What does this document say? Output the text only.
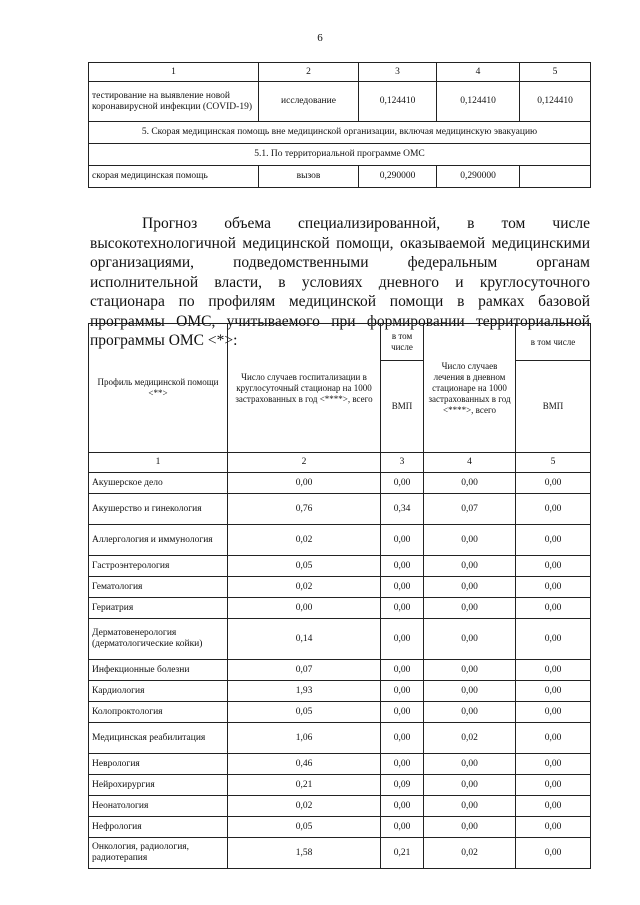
6
1	2	3	4	5
тестирование на выявление новой коронавирусной инфекции (COVID-19)	исследование	0,124410	0,124410	0,124410
5. Скорая медицинская помощь вне медицинской организации, включая медицинскую эвакуацию				
5.1. По территориальной программе ОМС				
скорая медицинская помощь	вызов	0,290000	0,290000	

Прогноз объема специализированной, в том числе высокотехнологичной медицинской помощи, оказываемой медицинскими организациями, подведомственными федеральным органам исполнительной власти, в условиях дневного и круглосуточного стационара по профилям медицинской помощи в рамках базовой программы ОМС, учитываемого при формировании территориальной программы ОМС <*>:

Профиль медицинской помощи <**>	Число случаев госпитализации в круглосуточный стационар на 1000 застрахованных в год <****>, всего	в том числе	Число случаев лечения в дневном стационаре на 1000 застрахованных в год <****>, всего	в том числе
		ВМП		ВМП
1	2	3	4	5
Акушерское дело	0,00	0,00	0,00	0,00
Акушерство и гинекология	0,76	0,34	0,07	0,00
Аллергология и иммунология	0,02	0,00	0,00	0,00
Гастроэнтерология	0,05	0,00	0,00	0,00
Гематология	0,02	0,00	0,00	0,00
Гериатрия	0,00	0,00	0,00	0,00
Дерматовенерология (дерматологические койки)	0,14	0,00	0,00	0,00
Инфекционные болезни	0,07	0,00	0,00	0,00
Кардиология	1,93	0,00	0,00	0,00
Колопроктология	0,05	0,00	0,00	0,00
Медицинская реабилитация	1,06	0,00	0,02	0,00
Неврология	0,46	0,00	0,00	0,00
Нейрохирургия	0,21	0,09	0,00	0,00
Неонатология	0,02	0,00	0,00	0,00
Нефрология	0,05	0,00	0,00	0,00
Онкология, радиология, радиотерапия	1,58	0,21	0,02	0,00
